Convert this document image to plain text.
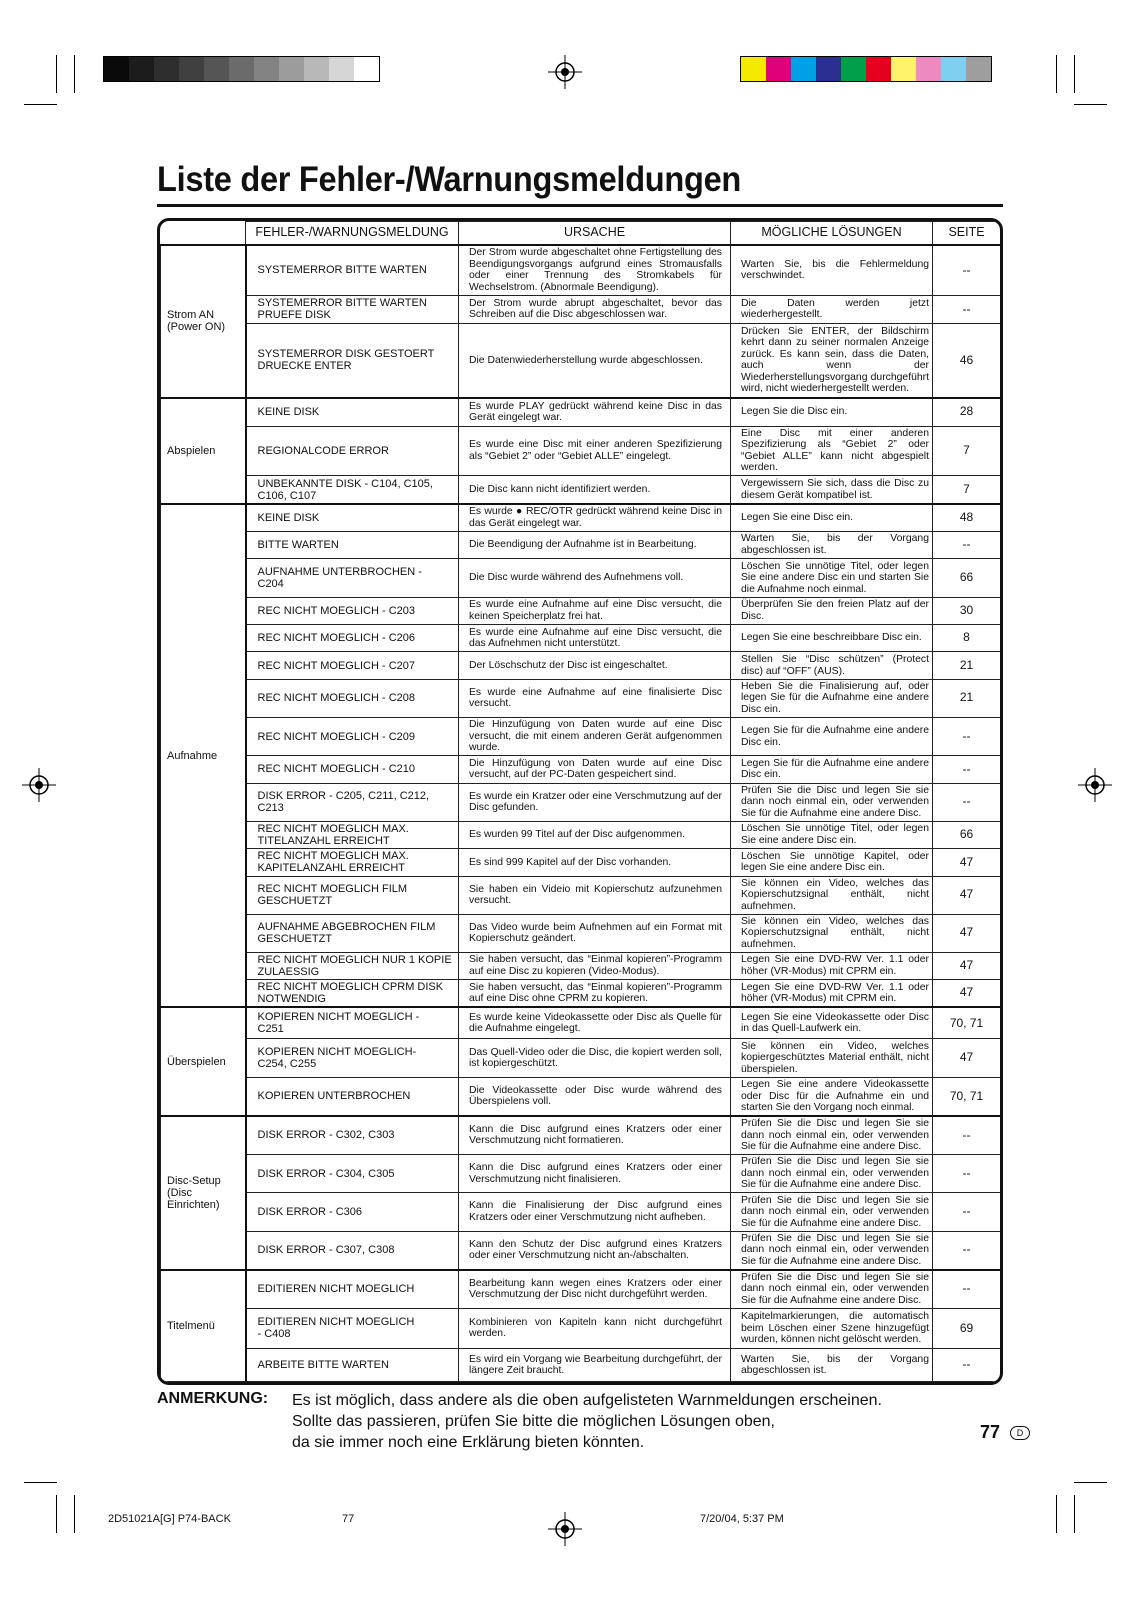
Liste der Fehler-/Warnungsmeldungen
	FEHLER-/WARNUNGSMELDUNG	URSACHE	MÖGLICHE LÖSUNGEN	SEITE
Strom AN
(Power ON)	SYSTEMERROR BITTE WARTEN	Der Strom wurde abgeschaltet ohne Fertigstellung des Beendigungsvorgangs aufgrund eines Stromausfalls oder einer Trennung des Stromkabels für Wechselstrom. (Abnormale Beendigung).	Warten Sie, bis die Fehlermeldung verschwindet.	--
	SYSTEMERROR BITTE WARTEN
PRUEFE DISK	Der Strom wurde abrupt abgeschaltet, bevor das Schreiben auf die Disc abgeschlossen war.	Die Daten werden jetzt wiederhergestellt.	--
	SYSTEMERROR DISK GESTOERT
DRUECKE ENTER	Die Datenwiederherstellung wurde abgeschlossen.	Drücken Sie ENTER, der Bildschirm kehrt dann zu seiner normalen Anzeige zurück. Es kann sein, dass die Daten, auch wenn der Wiederherstellungsvorgang durchgeführt wird, nicht wiederhergestellt werden.	46
Abspielen	KEINE DISK	Es wurde PLAY gedrückt während keine Disc in das Gerät eingelegt war.	Legen Sie die Disc ein.	28
	REGIONALCODE ERROR	Es wurde eine Disc mit einer anderen Spezifizierung als “Gebiet 2” oder “Gebiet ALLE” eingelegt.	Eine Disc mit einer anderen Spezifizierung als “Gebiet 2” oder “Gebiet ALLE” kann nicht abgespielt werden.	7
	UNBEKANNTE DISK - C104, C105,
C106, C107	Die Disc kann nicht identifiziert werden.	Vergewissern Sie sich, dass die Disc zu diesem Gerät kompatibel ist.	7
Aufnahme	KEINE DISK	Es wurde ● REC/OTR gedrückt während keine Disc in das Gerät eingelegt war.	Legen Sie eine Disc ein.	48
	BITTE WARTEN	Die Beendigung der Aufnahme ist in Bearbeitung.	Warten Sie, bis der Vorgang abgeschlossen ist.	--
	AUFNAHME UNTERBROCHEN -
C204	Die Disc wurde während des Aufnehmens voll.	Löschen Sie unnötige Titel, oder legen Sie eine andere Disc ein und starten Sie die Aufnahme noch einmal.	66
	REC NICHT MOEGLICH - C203	Es wurde eine Aufnahme auf eine Disc versucht, die keinen Speicherplatz frei hat.	Überprüfen Sie den freien Platz auf der Disc.	30
	REC NICHT MOEGLICH - C206	Es wurde eine Aufnahme auf eine Disc versucht, die das Aufnehmen nicht unterstützt.	Legen Sie eine beschreibbare Disc ein.	8
	REC NICHT MOEGLICH - C207	Der Löschschutz der Disc ist eingeschaltet.	Stellen Sie “Disc schützen” (Protect disc) auf “OFF” (AUS).	21
	REC NICHT MOEGLICH - C208	Es wurde eine Aufnahme auf eine finalisierte Disc versucht.	Heben Sie die Finalisierung auf, oder legen Sie für die Aufnahme eine andere Disc ein.	21
	REC NICHT MOEGLICH - C209	Die Hinzufügung von Daten wurde auf eine Disc versucht, die mit einem anderen Gerät aufgenommen wurde.	Legen Sie für die Aufnahme eine andere Disc ein.	--
	REC NICHT MOEGLICH - C210	Die Hinzufügung von Daten wurde auf eine Disc versucht, auf der PC-Daten gespeichert sind.	Legen Sie für die Aufnahme eine andere Disc ein.	--
	DISK ERROR - C205, C211, C212,
C213	Es wurde ein Kratzer oder eine Verschmutzung auf der Disc gefunden.	Prüfen Sie die Disc und legen Sie sie dann noch einmal ein, oder verwenden Sie für die Aufnahme eine andere Disc.	--
	REC NICHT MOEGLICH MAX.
TITELANZAHL ERREICHT	Es wurden 99 Titel auf der Disc aufgenommen.	Löschen Sie unnötige Titel, oder legen Sie eine andere Disc ein.	66
	REC NICHT MOEGLICH MAX.
KAPITELANZAHL ERREICHT	Es sind 999 Kapitel auf der Disc vorhanden.	Löschen Sie unnötige Kapitel, oder legen Sie eine andere Disc ein.	47
	REC NICHT MOEGLICH FILM
GESCHUETZT	Sie haben ein Videio mit Kopierschutz aufzunehmen versucht.	Sie können ein Video, welches das Kopierschutzsignal enthält, nicht aufnehmen.	47
	AUFNAHME ABGEBROCHEN FILM
GESCHUETZT	Das Video wurde beim Aufnehmen auf ein Format mit Kopierschutz geändert.	Sie können ein Video, welches das Kopierschutzsignal enthält, nicht aufnehmen.	47
	REC NICHT MOEGLICH NUR 1 KOPIE
ZULAESSIG	Sie haben versucht, das “Einmal kopieren”-Programm auf eine Disc zu kopieren (Video-Modus).	Legen Sie eine DVD-RW Ver. 1.1 oder höher (VR-Modus) mit CPRM ein.	47
	REC NICHT MOEGLICH CPRM DISK
NOTWENDIG	Sie haben versucht, das “Einmal kopieren”-Programm auf eine Disc ohne CPRM zu kopieren.	Legen Sie eine DVD-RW Ver. 1.1 oder höher (VR-Modus) mit CPRM ein.	47
Überspielen	KOPIEREN NICHT MOEGLICH -
C251	Es wurde keine Videokassette oder Disc als Quelle für die Aufnahme eingelegt.	Legen Sie eine Videokassette oder Disc in das Quell-Laufwerk ein.	70, 71
	KOPIEREN NICHT MOEGLICH-
C254, C255	Das Quell-Video oder die Disc, die kopiert werden soll, ist kopiergeschützt.	Sie können ein Video, welches kopiergeschütztes Material enthält, nicht überspielen.	47
	KOPIEREN UNTERBROCHEN	Die Videokassette oder Disc wurde während des Überspielens voll.	Legen Sie eine andere Videokassette oder Disc für die Aufnahme ein und starten Sie den Vorgang noch einmal.	70, 71
Disc-Setup
(Disc
Einrichten)	DISK ERROR - C302, C303	Kann die Disc aufgrund eines Kratzers oder einer Verschmutzung nicht formatieren.	Prüfen Sie die Disc und legen Sie sie dann noch einmal ein, oder verwenden Sie für die Aufnahme eine andere Disc.	--
	DISK ERROR - C304, C305	Kann die Disc aufgrund eines Kratzers oder einer Verschmutzung nicht finalisieren.	Prüfen Sie die Disc und legen Sie sie dann noch einmal ein, oder verwenden Sie für die Aufnahme eine andere Disc.	--
	DISK ERROR - C306	Kann die Finalisierung der Disc aufgrund eines Kratzers oder einer Verschmutzung nicht aufheben.	Prüfen Sie die Disc und legen Sie sie dann noch einmal ein, oder verwenden Sie für die Aufnahme eine andere Disc.	--
	DISK ERROR - C307, C308	Kann den Schutz der Disc aufgrund eines Kratzers oder einer Verschmutzung nicht an-/abschalten.	Prüfen Sie die Disc und legen Sie sie dann noch einmal ein, oder verwenden Sie für die Aufnahme eine andere Disc.	--
Titelmenü	EDITIEREN NICHT MOEGLICH	Bearbeitung kann wegen eines Kratzers oder einer Verschmutzung der Disc nicht durchgeführt werden.	Prüfen Sie die Disc und legen Sie sie dann noch einmal ein, oder verwenden Sie für die Aufnahme eine andere Disc.	--
	EDITIEREN NICHT MOEGLICH
- C408	Kombinieren von Kapiteln kann nicht durchgeführt werden.	Kapitelmarkierungen, die automatisch beim Löschen einer Szene hinzugefügt wurden, können nicht gelöscht werden.	69
	ARBEITE BITTE WARTEN	Es wird ein Vorgang wie Bearbeitung durchgeführt, der längere Zeit braucht.	Warten Sie, bis der Vorgang abgeschlossen ist.	--
ANMERKUNG: Es ist möglich, dass andere als die oben aufgelisteten Warnmeldungen erscheinen.
Sollte das passieren, prüfen Sie bitte die möglichen Lösungen oben,
da sie immer noch eine Erklärung bieten könnten.
77	D
2D51021A[G] P74-BACK	77	7/20/04, 5:37 PM
